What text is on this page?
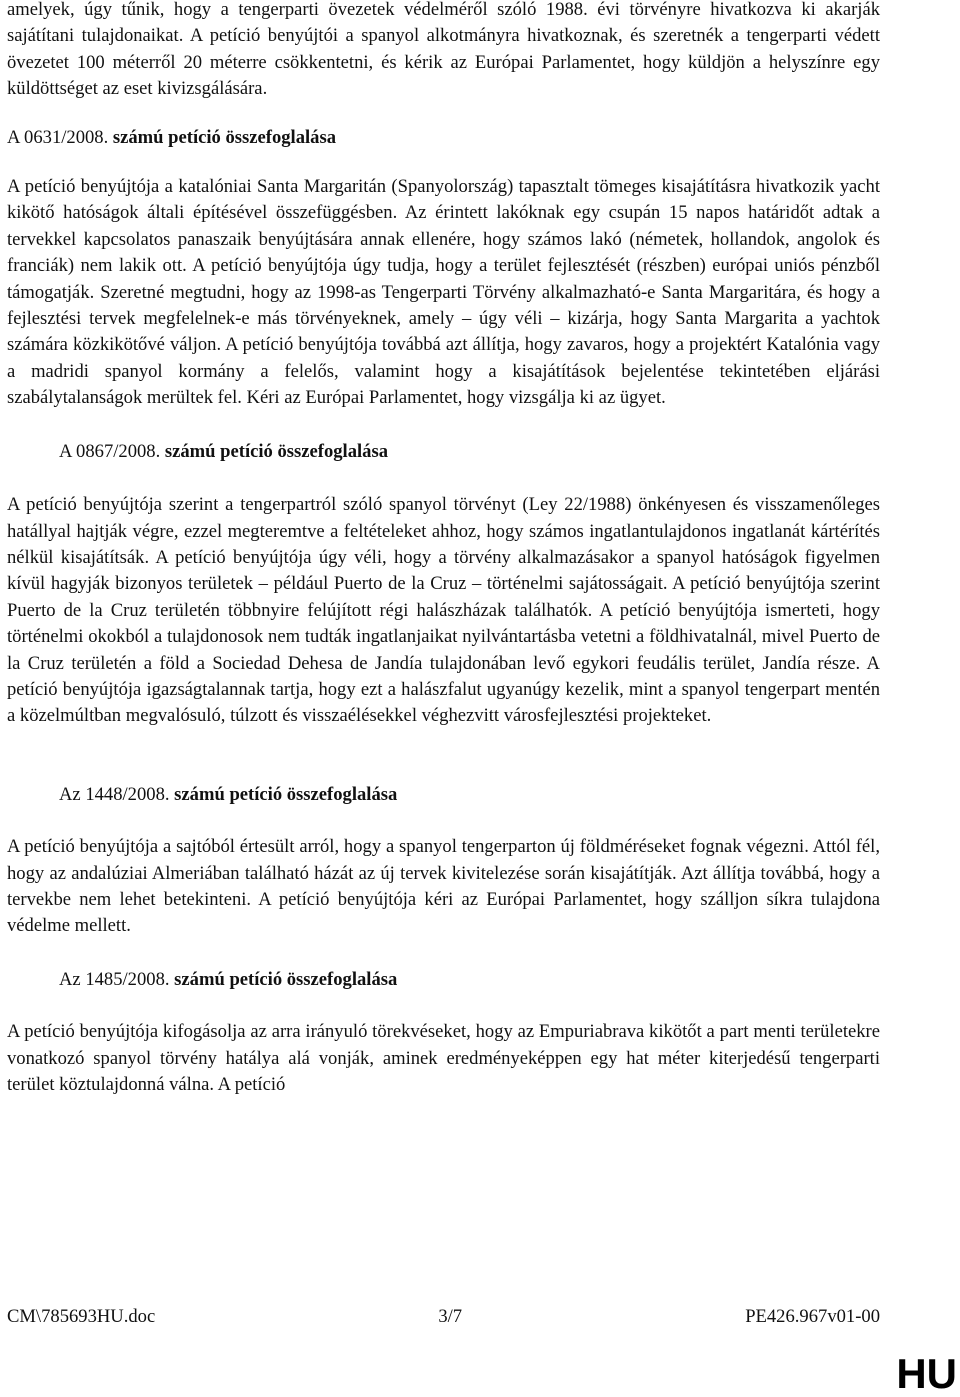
amelyek, úgy tűnik, hogy a tengerparti övezetek védelméről szóló 1988. évi törvényre hivatkozva ki akarják sajátítani tulajdonaikat. A petíció benyújtói a spanyol alkotmányra hivatkoznak, és szeretnék a tengerparti védett övezetet 100 méterről 20 méterre csökkentetni, és kérik az Európai Parlamentet, hogy küldjön a helyszínre egy küldöttséget az eset kivizsgálására.

A 0631/2008. számú petíció összefoglalása

A petíció benyújtója a katalóniai Santa Margaritán (Spanyolország) tapasztalt tömeges kisajátításra hivatkozik yacht kikötő hatóságok általi építésével összefüggésben. Az érintett lakóknak egy csupán 15 napos határidőt adtak a tervekkel kapcsolatos panaszaik benyújtására annak ellenére, hogy számos lakó (németek, hollandok, angolok és franciák) nem lakik ott. A petíció benyújtója úgy tudja, hogy a terület fejlesztését (részben) európai uniós pénzből támogatják. Szeretné megtudni, hogy az 1998-as Tengerparti Törvény alkalmazható-e Santa Margaritára, és hogy a fejlesztési tervek megfelelnek-e más törvényeknek, amely – úgy véli – kizárja, hogy Santa Margarita a yachtok számára közkikötővé váljon. A petíció benyújtója továbbá azt állítja, hogy zavaros, hogy a projektért Katalónia vagy a madridi spanyol kormány a felelős, valamint hogy a kisajátítások bejelentése tekintetében eljárási szabálytalanságok merültek fel. Kéri az Európai Parlamentet, hogy vizsgálja ki az ügyet.

A 0867/2008. számú petíció összefoglalása

A petíció benyújtója szerint a tengerpartról szóló spanyol törvényt (Ley 22/1988) önkényesen és visszamenőleges hatállyal hajtják végre, ezzel megteremtve a feltételeket ahhoz, hogy számos ingatlantulajdonos ingatlanát kártérítés nélkül kisajátítsák. A petíció benyújtója úgy véli, hogy a törvény alkalmazásakor a spanyol hatóságok figyelmen kívül hagyják bizonyos területek – például Puerto de la Cruz – történelmi sajátosságait. A petíció benyújtója szerint Puerto de la Cruz területén többnyire felújított régi halászházak találhatók. A petíció benyújtója ismerteti, hogy történelmi okokból a tulajdonosok nem tudták ingatlanjaikat nyilvántartásba vetetni a földhivatalnál, mivel Puerto de la Cruz területén a föld a Sociedad Dehesa de Jandía tulajdonában levő egykori feudális terület, Jandía része. A petíció benyújtója igazságtalannak tartja, hogy ezt a halászfalut ugyanúgy kezelik, mint a spanyol tengerpart mentén a közelmúltban megvalósuló, túlzott és visszaélésekkel véghezvitt városfejlesztési projekteket.

Az 1448/2008. számú petíció összefoglalása

A petíció benyújtója a sajtóból értesült arról, hogy a spanyol tengerparton új földméréseket fognak végezni. Attól fél, hogy az andalúziai Almeriában található házát az új tervek kivitelezése során kisajátítják. Azt állítja továbbá, hogy a tervekbe nem lehet betekinteni. A petíció benyújtója kéri az Európai Parlamentet, hogy szálljon síkra tulajdona védelme mellett.

Az 1485/2008. számú petíció összefoglalása

A petíció benyújtója kifogásolja az arra irányuló törekvéseket, hogy az Empuriabrava kikötőt a part menti területekre vonatkozó spanyol törvény hatálya alá vonják, aminek eredményeképpen egy hat méter kiterjedésű tengerparti terület köztulajdonná válna. A petíció

CM\785693HU.doc	3/7	PE426.967v01-00
HU
